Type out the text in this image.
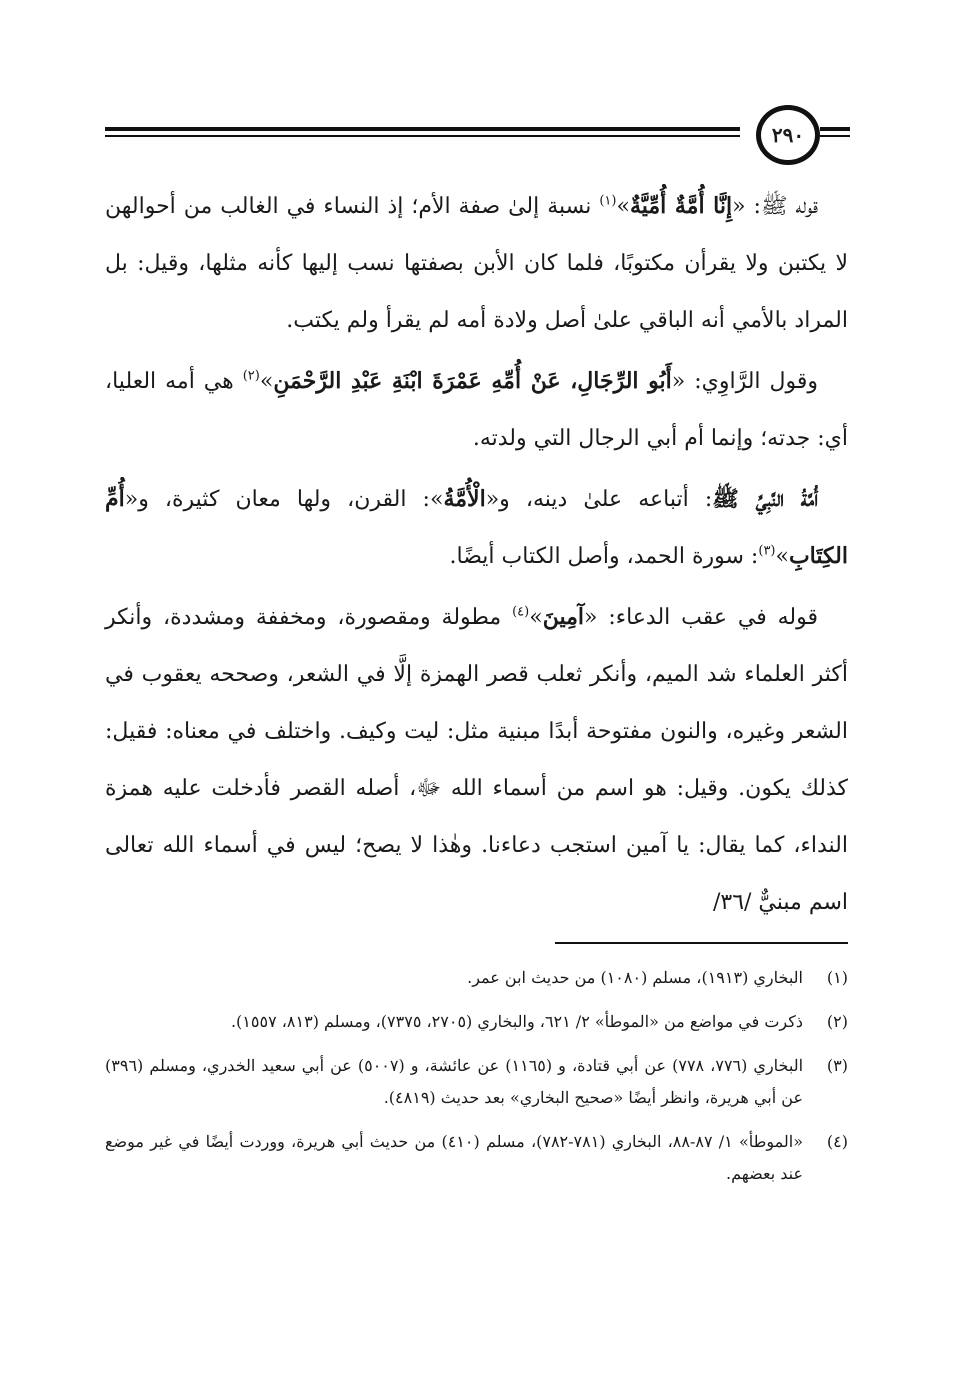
٢٩٠

قوله ﷺ: «إِنَّا أُمَّةٌ أُمِّيَّةٌ»$^{(١)}$ نسبة إلىٰ صفة الأم؛ إذ النساء في الغالب من أحوالهن لا يكتبن ولا يقرأن مكتوبًا، فلما كان الأبن بصفتها نسب إليها كأنه مثلها، وقيل: بل المراد بالأمي أنه الباقي علىٰ أصل ولادة أمه لم يقرأ ولم يكتب.

وقول الرَّاوِي: «أَبُو الرِّجَالِ، عَنْ أُمِّهِ عَمْرَةَ ابْنَةِ عَبْدِ الرَّحْمَنِ»$^{(٢)}$ هي أمه العليا، أي: جدته؛ وإنما أم أبي الرجال التي ولدته.

أُمَّةُ النَّبِيِّ ﷺ: أتباعه علىٰ دينه، و«الْأُمَّةُ»: القرن، ولها معان كثيرة، و«أُمِّ الكِتَابِ»$^{(٣)}$: سورة الحمد، وأصل الكتاب أيضًا.

قوله في عقب الدعاء: «آمِينَ»$^{(٤)}$ مطولة ومقصورة، ومخففة ومشددة، وأنكر أكثر العلماء شد الميم، وأنكر ثعلب قصر الهمزة إلَّا في الشعر، وصححه يعقوب في الشعر وغيره، والنون مفتوحة أبدًا مبنية مثل: ليت وكيف. واختلف في معناه: فقيل: كذلك يكون. وقيل: هو اسم من أسماء الله ﷻ، أصله القصر فأدخلت عليه همزة النداء، كما يقال: يا آمين استجب دعاءنا. وهٰذا لا يصح؛ ليس في أسماء الله تعالى اسم مبنيٌّ /٣٦/

(١)
البخاري (١٩١٣)، مسلم (١٠٨٠) من حديث ابن عمر.
(٢)
ذكرت في مواضع من «الموطأ» ٢/ ٦٢١، والبخاري (٢٧٠٥، ٧٣٧٥)، ومسلم (٨١٣، ١٥٥٧).
(٣)
البخاري (٧٧٦، ٧٧٨) عن أبي قتادة، و (١١٦٥) عن عائشة، و (٥٠٠٧) عن أبي سعيد الخدري، ومسلم (٣٩٦) عن أبي هريرة، وانظر أيضًا «صحيح البخاري» بعد حديث (٤٨١٩).
(٤)
«الموطأ» ١/ ٨٧-٨٨، البخاري (٧٨١-٧٨٢)، مسلم (٤١٠) من حديث أبي هريرة، ووردت أيضًا في غير موضع عند بعضهم.
